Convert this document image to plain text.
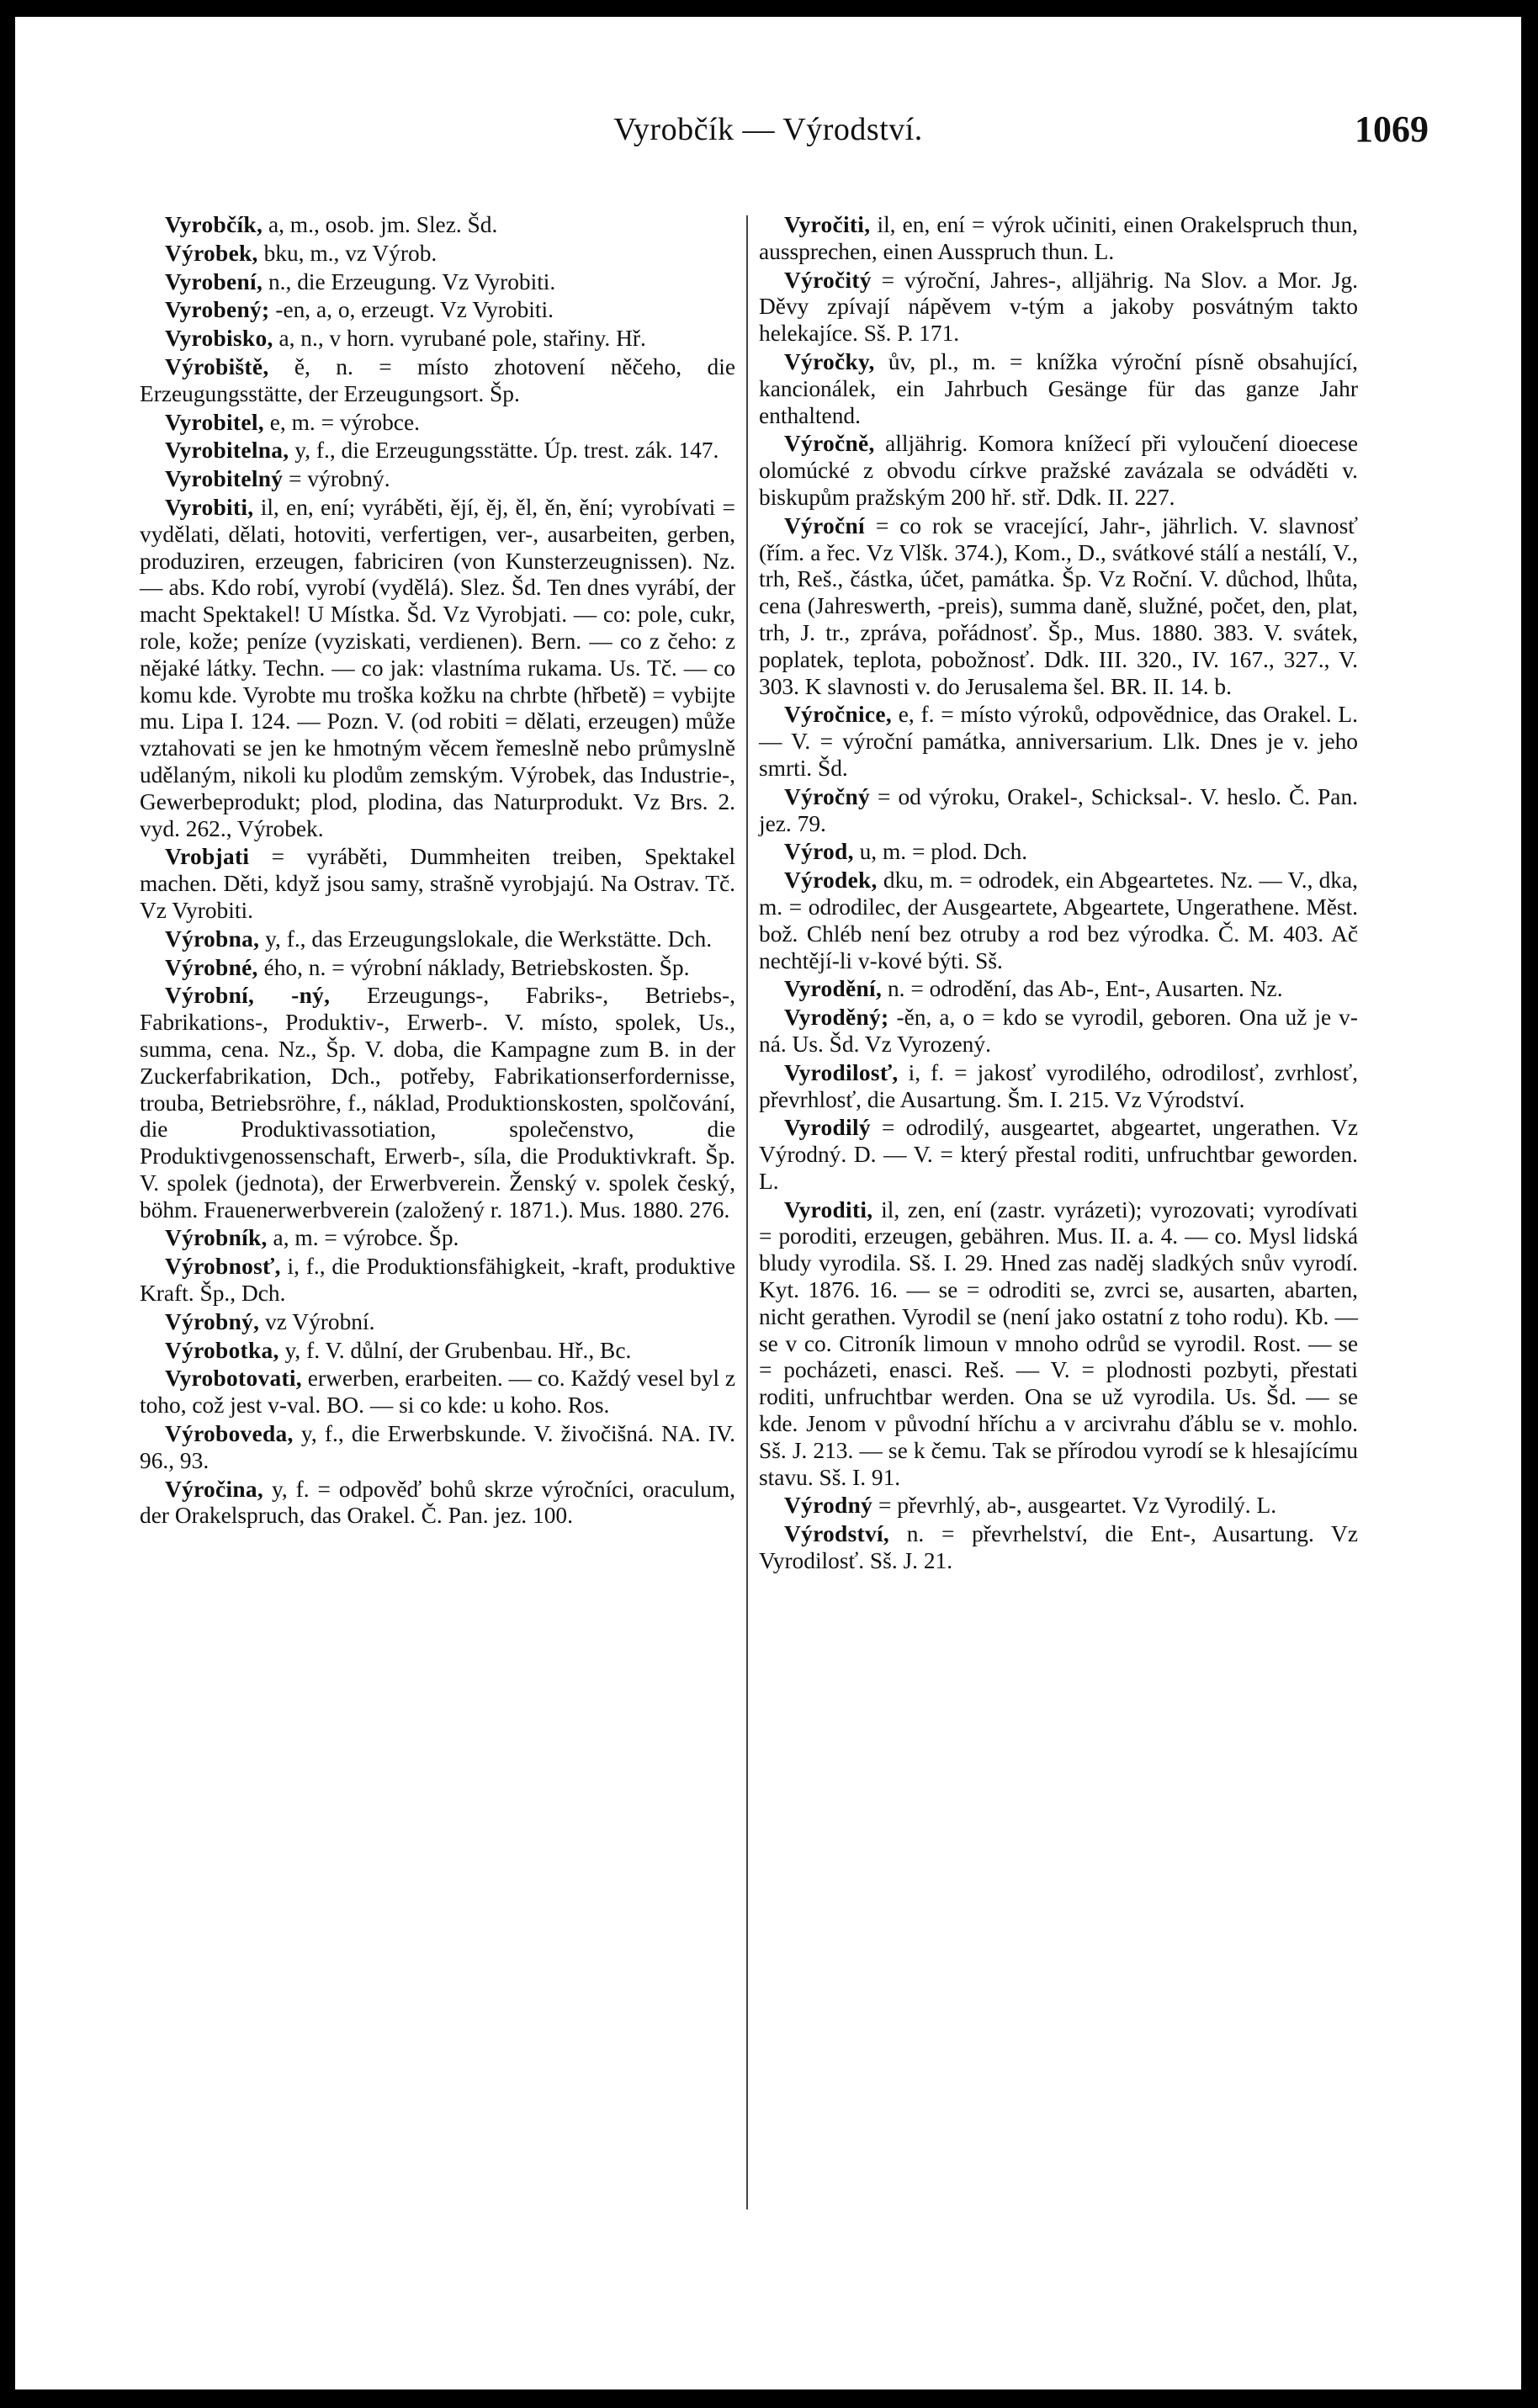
Vyrobčík — Výrodství.	1069

Vyrobčík, a, m., osob. jm. Slez. Šd.

Výrobek, bku, m., vz Výrob.

Vyrobení, n., die Erzeugung. Vz Vyrobiti.

Vyrobený; -en, a, o, erzeugt. Vz Vyrobiti.

Vyrobisko, a, n., v horn. vyrubané pole, stařiny. Hř.

Výrobiště, ě, n. = místo zhotovení něčeho, die Erzeugungsstätte, der Erzeugungsort. Šp.

Vyrobitel, e, m. = výrobce.

Vyrobitelna, y, f., die Erzeugungsstätte. Úp. trest. zák. 147.

Vyrobitelný = výrobný.

Vyrobiti, il, en, ení; vyráběti, ějí, ěj, ěl, ěn, ění; vyrobívati = vydělati, dělati, hotoviti, verfertigen, ver-, ausarbeiten, gerben, produziren, erzeugen, fabriciren (von Kunsterzeugnissen). Nz. — abs. Kdo robí, vyrobí (vydělá). Slez. Šd. Ten dnes vyrábí, der macht Spektakel! U Místka. Šd. Vz Vyrobjati. — co: pole, cukr, role, kože; peníze (vyziskati, verdienen). Bern. — co z čeho: z nějaké látky. Techn. — co jak: vlastníma rukama. Us. Tč. — co komu kde. Vyrobte mu troška kožku na chrbte (hřbetě) = vybijte mu. Lipa I. 124. — Pozn. V. (od robiti = dělati, erzeugen) může vztahovati se jen ke hmotným věcem řemeslně nebo průmyslně udělaným, nikoli ku plodům zemským. Výrobek, das Industrie-, Gewerbeprodukt; plod, plodina, das Naturprodukt. Vz Brs. 2. vyd. 262., Výrobek.

Vrobjati = vyráběti, Dummheiten treiben, Spektakel machen. Děti, když jsou samy, strašně vyrobjajú. Na Ostrav. Tč. Vz Vyrobiti.

Výrobna, y, f., das Erzeugungslokale, die Werkstätte. Dch.

Výrobné, ého, n. = výrobní náklady, Betriebskosten. Šp.

Výrobní, -ný, Erzeugungs-, Fabriks-, Betriebs-, Fabrikations-, Produktiv-, Erwerb-. V. místo, spolek, Us., summa, cena. Nz., Šp. V. doba, die Kampagne zum B. in der Zuckerfabrikation, Dch., potřeby, Fabrikationserfordernisse, trouba, Betriebsröhre, f., náklad, Produktionskosten, spolčování, die Produktivassotiation, společenstvo, die Produktivgenossenschaft, Erwerb-, síla, die Produktivkraft. Šp. V. spolek (jednota), der Erwerbverein. Ženský v. spolek český, böhm. Frauenerwerbverein (založený r. 1871.). Mus. 1880. 276.

Výrobník, a, m. = výrobce. Šp.

Výrobnosť, i, f., die Produktionsfähigkeit, -kraft, produktive Kraft. Šp., Dch.

Výrobný, vz Výrobní.

Výrobotka, y, f. V. důlní, der Grubenbau. Hř., Bc.

Vyrobotovati, erwerben, erarbeiten. — co. Každý vesel byl z toho, což jest v-val. BO. — si co kde: u koho. Ros.

Výroboveda, y, f., die Erwerbskunde. V. živočišná. NA. IV. 96., 93.

Výročina, y, f. = odpověď bohů skrze výročníci, oraculum, der Orakelspruch, das Orakel. Č. Pan. jez. 100.

Vyročiti, il, en, ení = výrok učiniti, einen Orakelspruch thun, aussprechen, einen Ausspruch thun. L.

Výročitý = výroční, Jahres-, alljährig. Na Slov. a Mor. Jg. Děvy zpívají nápěvem v-tým a jakoby posvátným takto helekajíce. Sš. P. 171.

Výročky, ův, pl., m. = knížka výroční písně obsahující, kancionálek, ein Jahrbuch Gesänge für das ganze Jahr enthaltend.

Výročně, alljährig. Komora knížecí při vyloučení dioecese olomúcké z obvodu církve pražské zavázala se odváděti v. biskupům pražským 200 hř. stř. Ddk. II. 227.

Výroční = co rok se vracející, Jahr-, jährlich. V. slavnosť (řím. a řec. Vz Vlšk. 374.), Kom., D., svátkové stálí a nestálí, V., trh, Reš., částka, účet, památka. Šp. Vz Roční. V. důchod, lhůta, cena (Jahreswerth, -preis), summa daně, služné, počet, den, plat, trh, J. tr., zpráva, pořádnosť. Šp., Mus. 1880. 383. V. svátek, poplatek, teplota, pobožnosť. Ddk. III. 320., IV. 167., 327., V. 303. K slavnosti v. do Jerusalema šel. BR. II. 14. b.

Výročnice, e, f. = místo výroků, odpovědnice, das Orakel. L. — V. = výroční památka, anniversarium. Llk. Dnes je v. jeho smrti. Šd.

Výročný = od výroku, Orakel-, Schicksal-. V. heslo. Č. Pan. jez. 79.

Výrod, u, m. = plod. Dch.

Výrodek, dku, m. = odrodek, ein Abgeartetes. Nz. — V., dka, m. = odrodilec, der Ausgeartete, Abgeartete, Ungerathene. Měst. bož. Chléb není bez otruby a rod bez výrodka. Č. M. 403. Ač nechtějí-li v-kové býti. Sš.

Vyrodění, n. = odrodění, das Ab-, Ent-, Ausarten. Nz.

Vyroděný; -ěn, a, o = kdo se vyrodil, geboren. Ona už je v-ná. Us. Šd. Vz Vyrozený.

Vyrodilosť, i, f. = jakosť vyrodilého, odrodilosť, zvrhlosť, převrhlosť, die Ausartung. Šm. I. 215. Vz Výrodství.

Vyrodilý = odrodilý, ausgeartet, abgeartet, ungerathen. Vz Výrodný. D. — V. = který přestal roditi, unfruchtbar geworden. L.

Vyroditi, il, zen, ení (zastr. vyrázeti); vyrozovati; vyrodívati = poroditi, erzeugen, gebähren. Mus. II. a. 4. — co. Mysl lidská bludy vyrodila. Sš. I. 29. Hned zas naděj sladkých snův vyrodí. Kyt. 1876. 16. — se = odroditi se, zvrci se, ausarten, abarten, nicht gerathen. Vyrodil se (není jako ostatní z toho rodu). Kb. — se v co. Citroník limoun v mnoho odrůd se vyrodil. Rost. — se = pocházeti, enasci. Reš. — V. = plodnosti pozbyti, přestati roditi, unfruchtbar werden. Ona se už vyrodila. Us. Šd. — se kde. Jenom v původní hříchu a v arcivrahu ďáblu se v. mohlo. Sš. J. 213. — se k čemu. Tak se přírodou vyrodí se k hlesajícímu stavu. Sš. I. 91.

Výrodný = převrhlý, ab-, ausgeartet. Vz Vyrodilý. L.

Výrodství, n. = převrhelství, die Ent-, Ausartung. Vz Vyrodilosť. Sš. J. 21.
